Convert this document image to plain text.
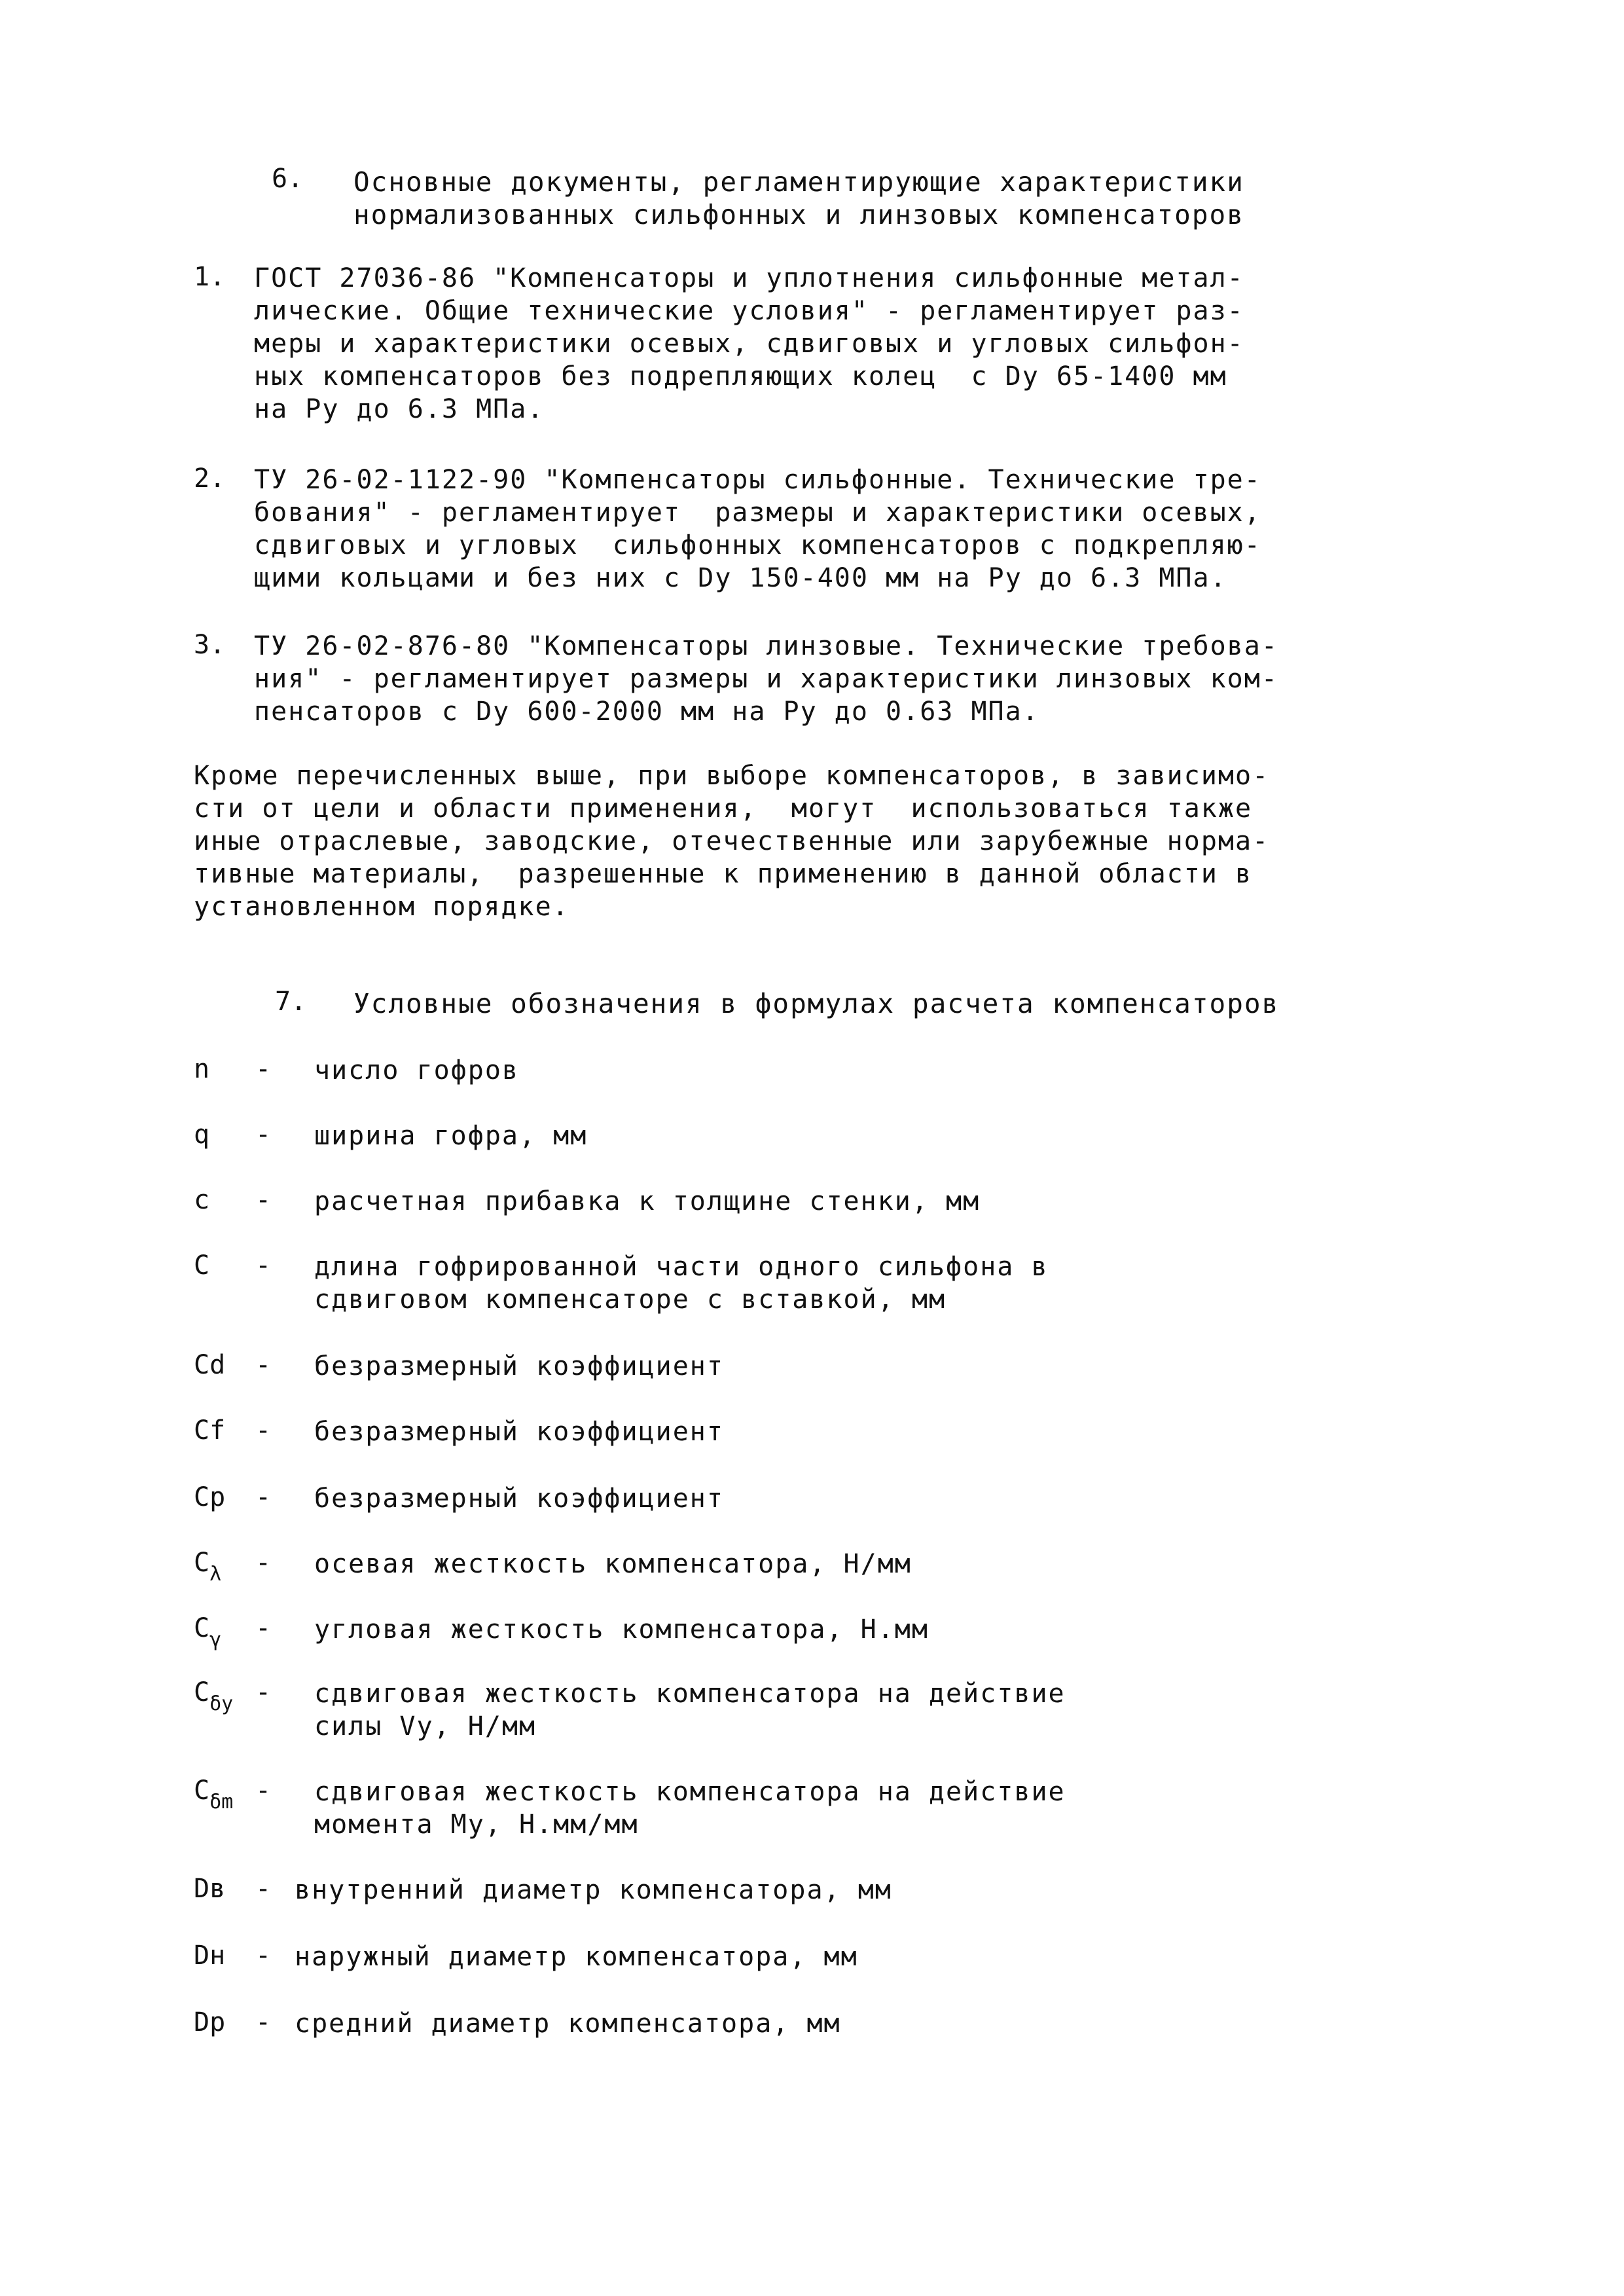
6. Основные документы, регламентирующие характеристики
нормализованных сильфонных и линзовых компенсаторов
1. ГОСТ 27036-86 "Компенсаторы и уплотнения сильфонные метал-
лические. Общие технические условия" - регламентирует раз-
меры и характеристики осевых, сдвиговых и угловых сильфон-
ных компенсаторов без подрепляющих колец  с Dy 65-1400 мм
на Ру до 6.3 МПа.
2. ТУ 26-02-1122-90 "Компенсаторы сильфонные. Технические тре-
бования" - регламентирует  размеры и характеристики осевых,
сдвиговых и угловых  сильфонных компенсаторов с подкрепляю-
щими кольцами и без них с Dy 150-400 мм на Ру до 6.3 МПа.
3. ТУ 26-02-876-80 "Компенсаторы линзовые. Технические требова-
ния" - регламентирует размеры и характеристики линзовых ком-
пенсаторов с Dy 600-2000 мм на Ру до 0.63 МПа.
Кроме перечисленных выше, при выборе компенсаторов, в зависимо-
сти от цели и области применения,  могут  использоваться также
иные отраслевые, заводские, отечественные или зарубежные норма-
тивные материалы,  разрешенные к применению в данной области в
установленном порядке.
7. Условные обозначения в формулах расчета компенсаторов
n - число гофров
q - ширина гофра, мм
c - расчетная прибавка к толщине стенки, мм
C - длина гофрированной части одного сильфона в
сдвиговом компенсаторе с вставкой, мм
Cd - безразмерный коэффициент
Cf - безразмерный коэффициент
Cp - безразмерный коэффициент
$C_\lambda$ - осевая жесткость компенсатора, Н/мм
$C_\gamma$ - угловая жесткость компенсатора, Н.мм
$C_{\delta y}$ - сдвиговая жесткость компенсатора на действие
силы Vy, Н/мм
$C_{\delta m}$ - сдвиговая жесткость компенсатора на действие
момента Му, Н.мм/мм
Dв - внутренний диаметр компенсатора, мм
Dн - наружный диаметр компенсатора, мм
Dp - средний диаметр компенсатора, мм
